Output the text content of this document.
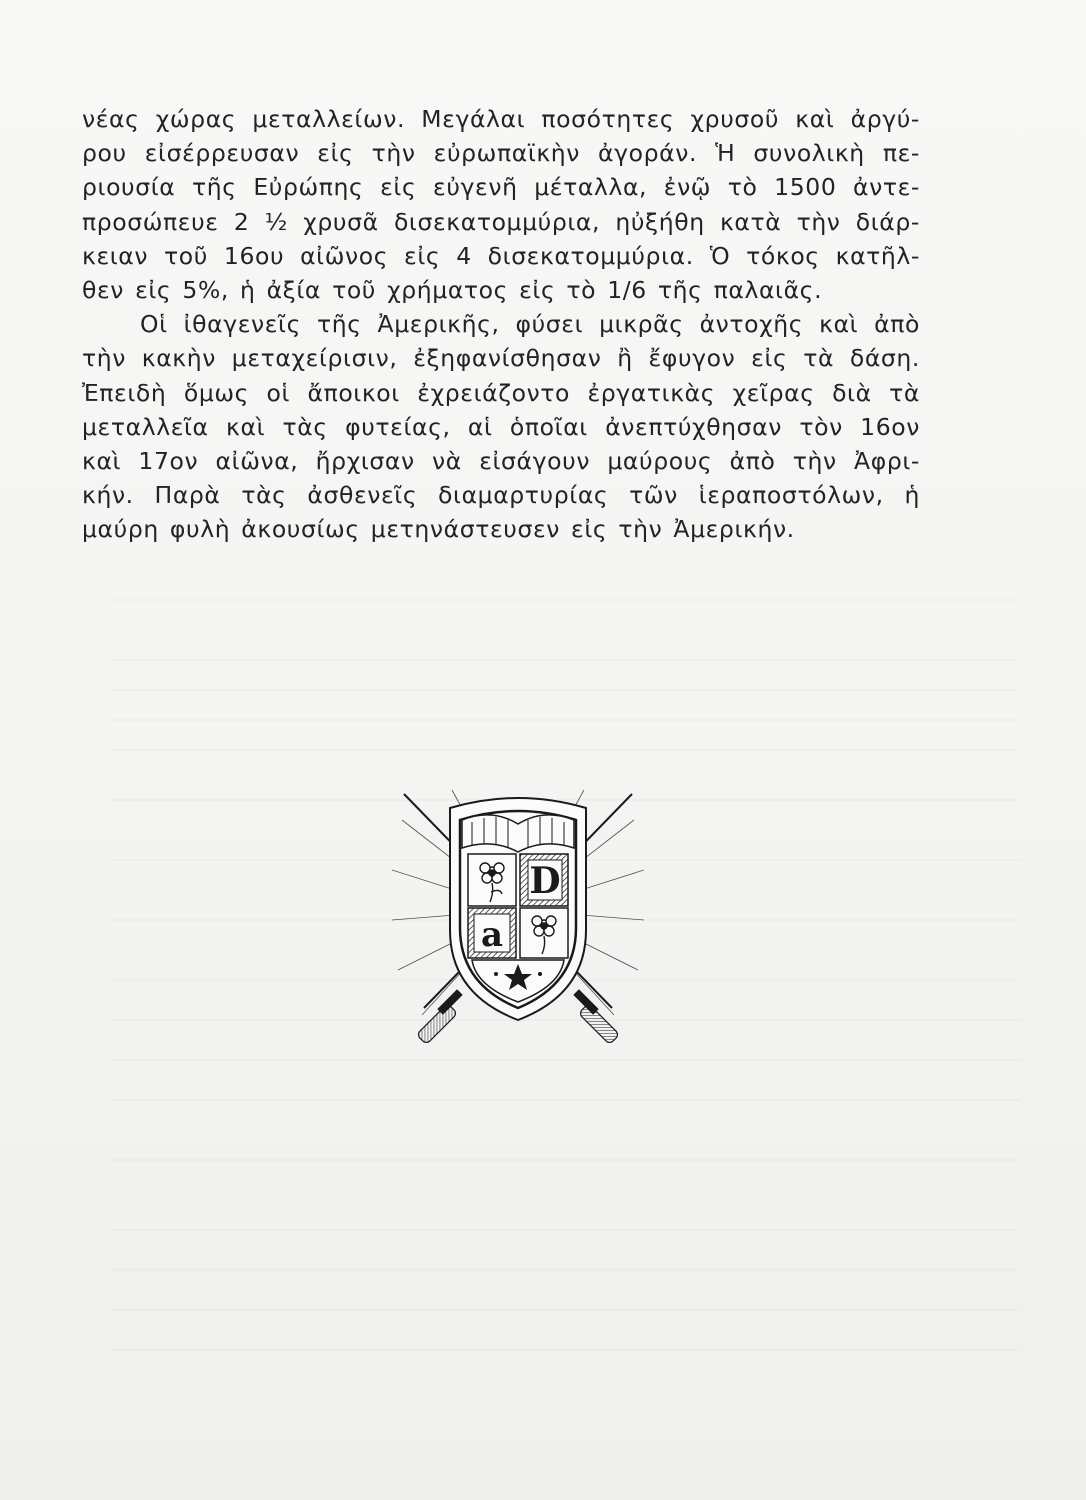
νέας χώρας μεταλλείων. Μεγάλαι ποσότητες χρυσοῦ καὶ ἀργύ-
ρου εἰσέρρευσαν εἰς τὴν εὐρωπαϊκὴν ἀγοράν. Ἡ συνολικὴ πε-
ριουσία τῆς Εὐρώπης εἰς εὐγενῆ μέταλλα, ἐνῷ τὸ 1500 ἀντε-
προσώπευε 2 ½ χρυσᾶ δισεκατομμύρια, ηὐξήθη κατὰ τὴν διάρ-
κειαν τοῦ 16ου αἰῶνος εἰς 4 δισεκατομμύρια. Ὁ τόκος κατῆλ-
θεν εἰς 5%, ἡ ἀξία τοῦ χρήματος εἰς τὸ 1/6 τῆς παλαιᾶς.
Οἱ ἰθαγενεῖς τῆς Ἀμερικῆς, φύσει μικρᾶς ἀντοχῆς καὶ ἀπὸ
τὴν κακὴν μεταχείρισιν, ἐξηφανίσθησαν ἢ ἔφυγον εἰς τὰ δάση.
Ἐπειδὴ ὅμως οἱ ἄποικοι ἐχρειάζοντο ἐργατικὰς χεῖρας διὰ τὰ
μεταλλεῖα καὶ τὰς φυτείας, αἱ ὁποῖαι ἀνεπτύχθησαν τὸν 16ον
καὶ 17ον αἰῶνα, ἤρχισαν νὰ εἰσάγουν μαύρους ἀπὸ τὴν Ἀφρι-
κήν. Παρὰ τὰς ἀσθενεῖς διαμαρτυρίας τῶν ἱεραποστόλων, ἡ
μαύρη φυλὴ ἀκουσίως μετηνάστευσεν εἰς τὴν Ἀμερικήν.
D
a
